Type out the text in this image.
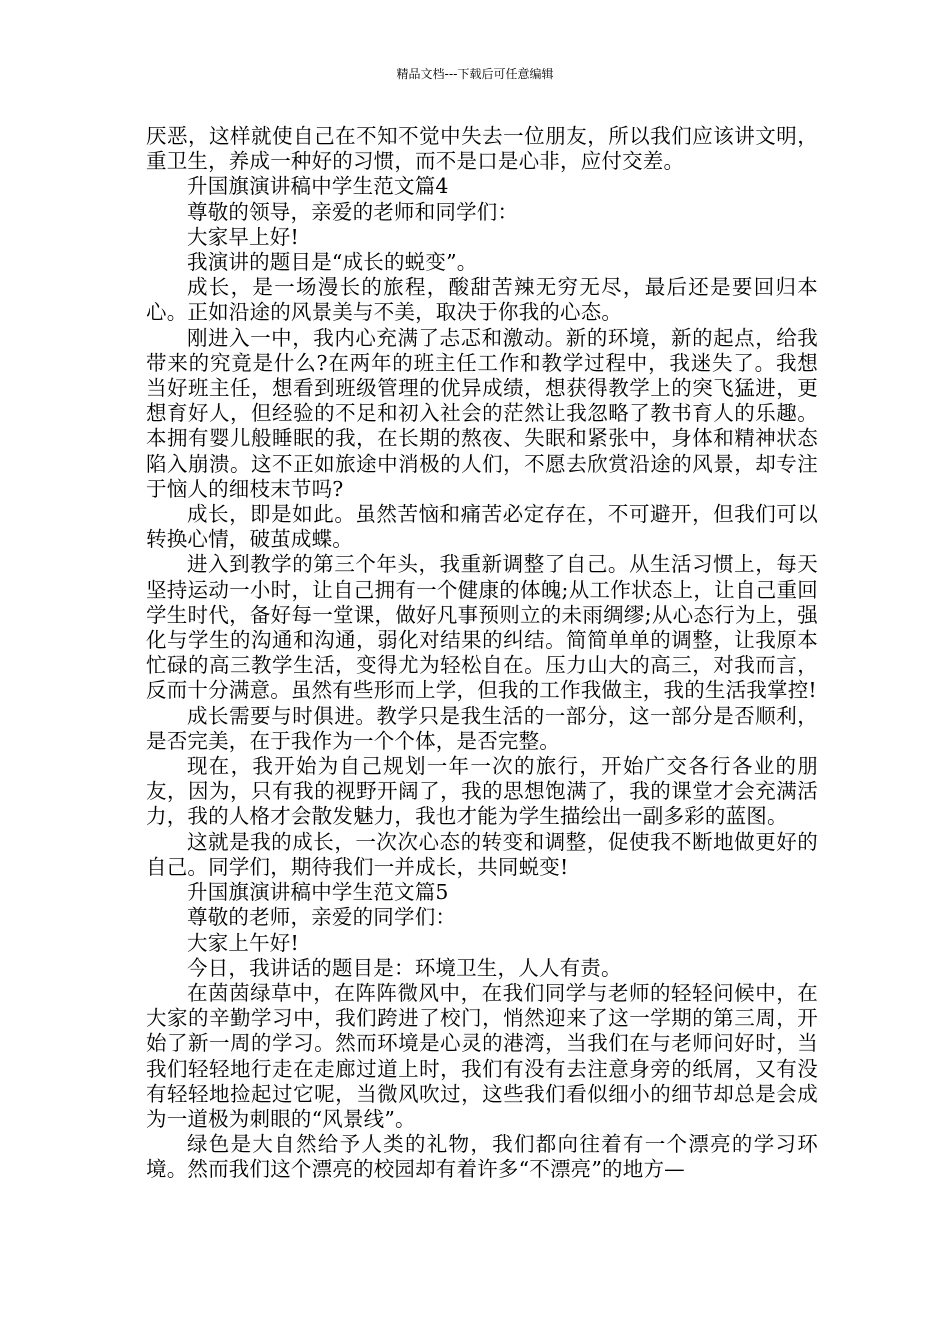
精品文档---下载后可任意编辑

厌恶，这样就使自己在不知不觉中失去一位朋友，所以我们应该讲文明，重卫生，养成一种好的习惯，而不是口是心非，应付交差。

升国旗演讲稿中学生范文篇4

尊敬的领导，亲爱的老师和同学们：

大家早上好!

我演讲的题目是“成长的蜕变”。

成长，是一场漫长的旅程，酸甜苦辣无穷无尽，最后还是要回归本心。正如沿途的风景美与不美，取决于你我的心态。

刚进入一中，我内心充满了忐忑和激动。新的环境，新的起点，给我带来的究竟是什么?在两年的班主任工作和教学过程中，我迷失了。我想当好班主任，想看到班级管理的优异成绩，想获得教学上的突飞猛进，更想育好人，但经验的不足和初入社会的茫然让我忽略了教书育人的乐趣。本拥有婴儿般睡眠的我，在长期的熬夜、失眠和紧张中，身体和精神状态陷入崩溃。这不正如旅途中消极的人们，不愿去欣赏沿途的风景，却专注于恼人的细枝末节吗?

成长，即是如此。虽然苦恼和痛苦必定存在，不可避开，但我们可以转换心情，破茧成蝶。

进入到教学的第三个年头，我重新调整了自己。从生活习惯上，每天坚持运动一小时，让自己拥有一个健康的体魄;从工作状态上，让自己重回学生时代，备好每一堂课，做好凡事预则立的未雨绸缪;从心态行为上，强化与学生的沟通和沟通，弱化对结果的纠结。简简单单的调整，让我原本忙碌的高三教学生活，变得尤为轻松自在。压力山大的高三，对我而言，反而十分满意。虽然有些形而上学，但我的工作我做主，我的生活我掌控!

成长需要与时俱进。教学只是我生活的一部分，这一部分是否顺利，是否完美，在于我作为一个个体，是否完整。

现在，我开始为自己规划一年一次的旅行，开始广交各行各业的朋友，因为，只有我的视野开阔了，我的思想饱满了，我的课堂才会充满活力，我的人格才会散发魅力，我也才能为学生描绘出一副多彩的蓝图。

这就是我的成长，一次次心态的转变和调整，促使我不断地做更好的自己。同学们，期待我们一并成长，共同蜕变!

升国旗演讲稿中学生范文篇5

尊敬的老师，亲爱的同学们：

大家上午好!

今日，我讲话的题目是：环境卫生，人人有责。

在茵茵绿草中，在阵阵微风中，在我们同学与老师的轻轻问候中，在大家的辛勤学习中，我们跨进了校门，悄然迎来了这一学期的第三周，开始了新一周的学习。然而环境是心灵的港湾，当我们在与老师问好时，当我们轻轻地行走在走廊过道上时，我们有没有去注意身旁的纸屑，又有没有轻轻地捡起过它呢，当微风吹过，这些我们看似细小的细节却总是会成为一道极为刺眼的“风景线”。

绿色是大自然给予人类的礼物，我们都向往着有一个漂亮的学习环境。然而我们这个漂亮的校园却有着许多“不漂亮”的地方—
